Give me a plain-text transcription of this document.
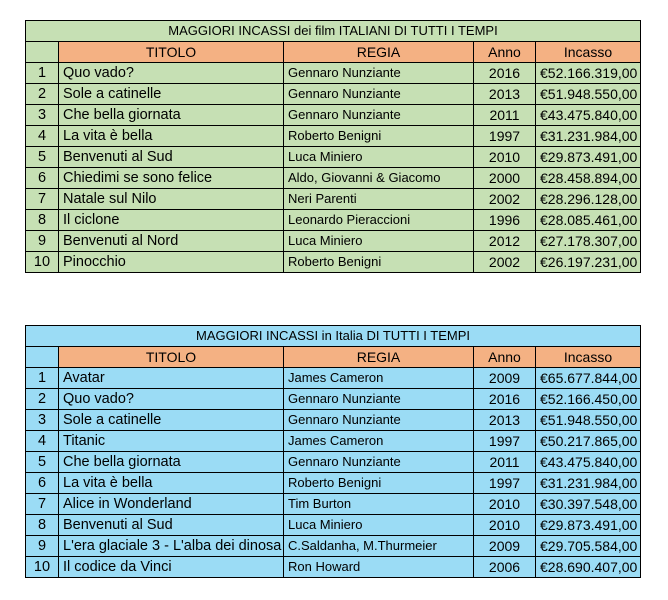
MAGGIORI INCASSI dei film ITALIANI DI TUTTI I TEMPI				
	TITOLO	REGIA	Anno	Incasso
1	Quo vado?	Gennaro Nunziante	2016	€ 52.166.319,00
2	Sole a catinelle	Gennaro Nunziante	2013	€ 51.948.550,00
3	Che bella giornata	Gennaro Nunziante	2011	€ 43.475.840,00
4	La vita è bella	Roberto Benigni	1997	€ 31.231.984,00
5	Benvenuti al Sud	Luca Miniero	2010	€ 29.873.491,00
6	Chiedimi se sono felice	Aldo, Giovanni & Giacomo	2000	€ 28.458.894,00
7	Natale sul Nilo	Neri Parenti	2002	€ 28.296.128,00
8	Il ciclone	Leonardo Pieraccioni	1996	€ 28.085.461,00
9	Benvenuti al Nord	Luca Miniero	2012	€ 27.178.307,00
10	Pinocchio	Roberto Benigni	2002	€ 26.197.231,00
MAGGIORI INCASSI in Italia DI TUTTI I TEMPI				
	TITOLO	REGIA	Anno	Incasso
1	Avatar	James Cameron	2009	€ 65.677.844,00
2	Quo vado?	Gennaro Nunziante	2016	€ 52.166.450,00
3	Sole a catinelle	Gennaro Nunziante	2013	€ 51.948.550,00
4	Titanic	James Cameron	1997	€ 50.217.865,00
5	Che bella giornata	Gennaro Nunziante	2011	€ 43.475.840,00
6	La vita è bella	Roberto Benigni	1997	€ 31.231.984,00
7	Alice in Wonderland	Tim Burton	2010	€ 30.397.548,00
8	Benvenuti al Sud	Luca Miniero	2010	€ 29.873.491,00
9	L'era glaciale 3 - L'alba dei dinosa	C.Saldanha, M.Thurmeier	2009	€ 29.705.584,00
10	Il codice da Vinci	Ron Howard	2006	€ 28.690.407,00
